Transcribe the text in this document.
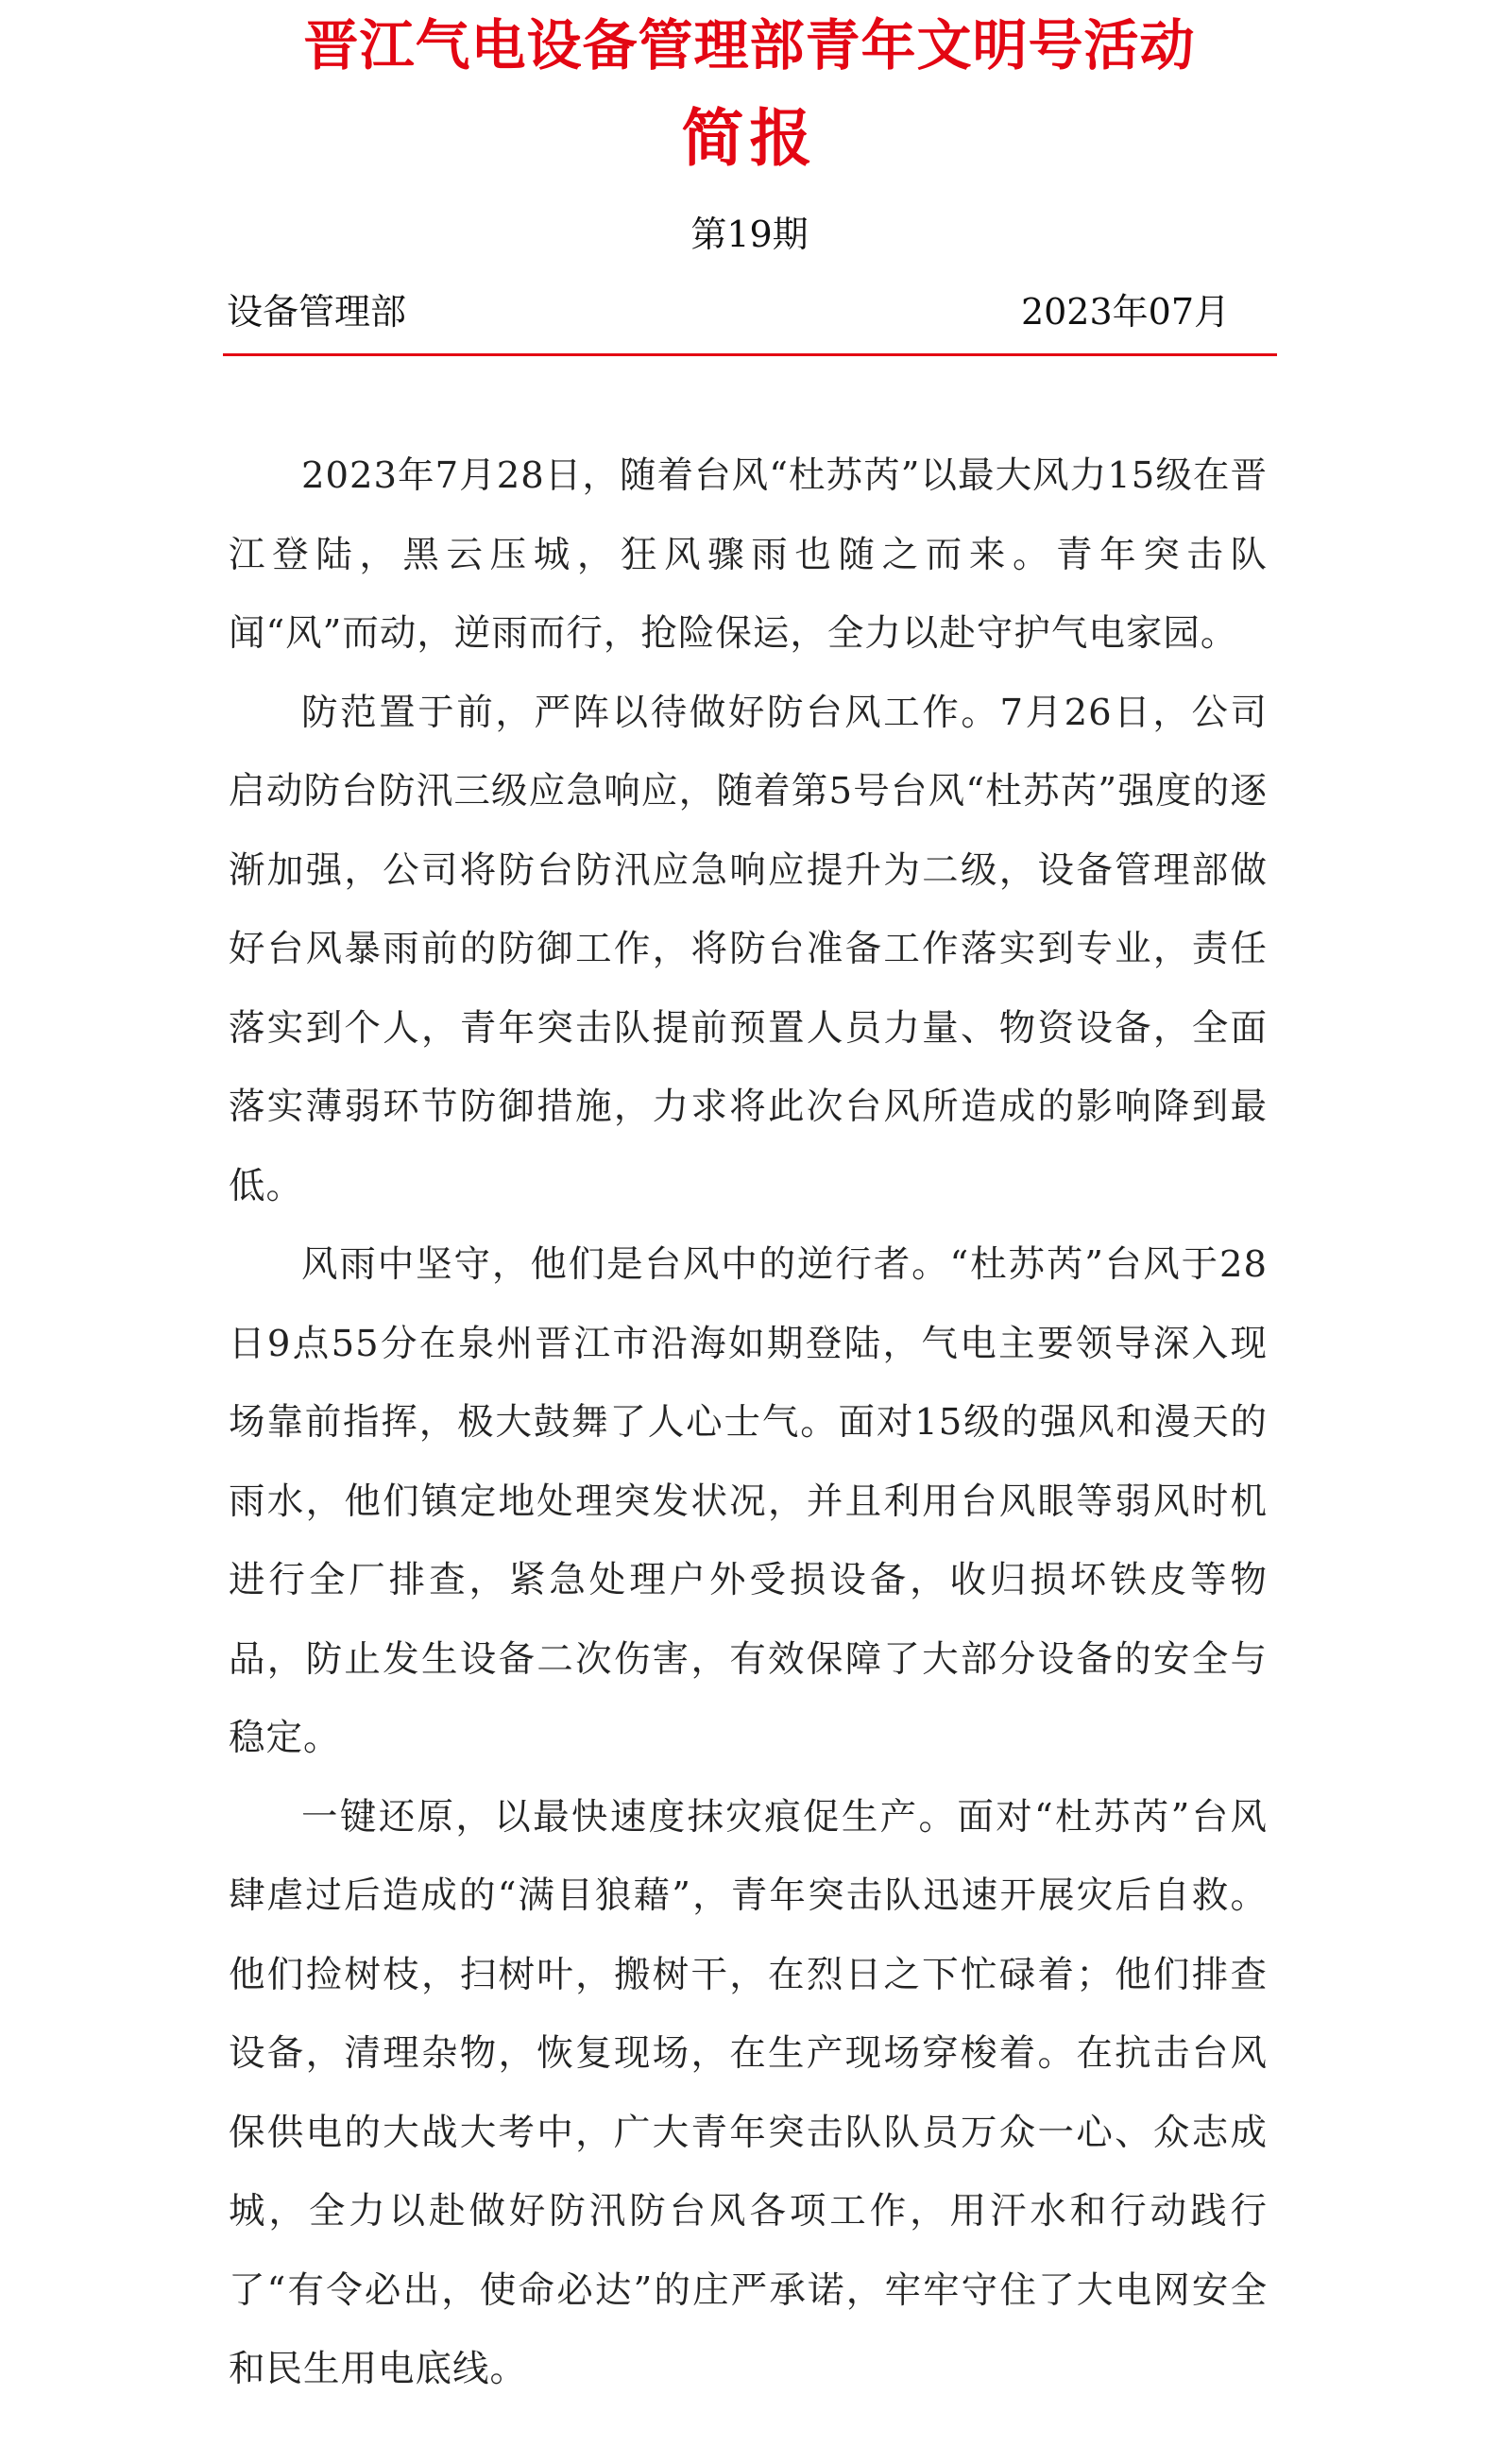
晋江气电设备管理部青年文明号活动
简报
第19期
设备管理部	2023年07月

2023年7月28日，随着台风“杜苏芮”以最大风力15级在晋江登陆，黑云压城，狂风骤雨也随之而来。青年突击队闻“风”而动，逆雨而行，抢险保运，全力以赴守护气电家园。

防范置于前，严阵以待做好防台风工作。7月26日，公司启动防台防汛三级应急响应，随着第5号台风“杜苏芮”强度的逐渐加强，公司将防台防汛应急响应提升为二级，设备管理部做好台风暴雨前的防御工作，将防台准备工作落实到专业，责任落实到个人，青年突击队提前预置人员力量、物资设备，全面落实薄弱环节防御措施，力求将此次台风所造成的影响降到最低。

风雨中坚守，他们是台风中的逆行者。“杜苏芮”台风于28日9点55分在泉州晋江市沿海如期登陆，气电主要领导深入现场靠前指挥，极大鼓舞了人心士气。面对15级的强风和漫天的雨水，他们镇定地处理突发状况，并且利用台风眼等弱风时机进行全厂排查，紧急处理户外受损设备，收归损坏铁皮等物品，防止发生设备二次伤害，有效保障了大部分设备的安全与稳定。

一键还原，以最快速度抹灾痕促生产。面对“杜苏芮”台风肆虐过后造成的“满目狼藉”，青年突击队迅速开展灾后自救。他们捡树枝，扫树叶，搬树干，在烈日之下忙碌着；他们排查设备，清理杂物，恢复现场，在生产现场穿梭着。在抗击台风保供电的大战大考中，广大青年突击队队员万众一心、众志成城，全力以赴做好防汛防台风各项工作，用汗水和行动践行了“有令必出，使命必达”的庄严承诺，牢牢守住了大电网安全和民生用电底线。
